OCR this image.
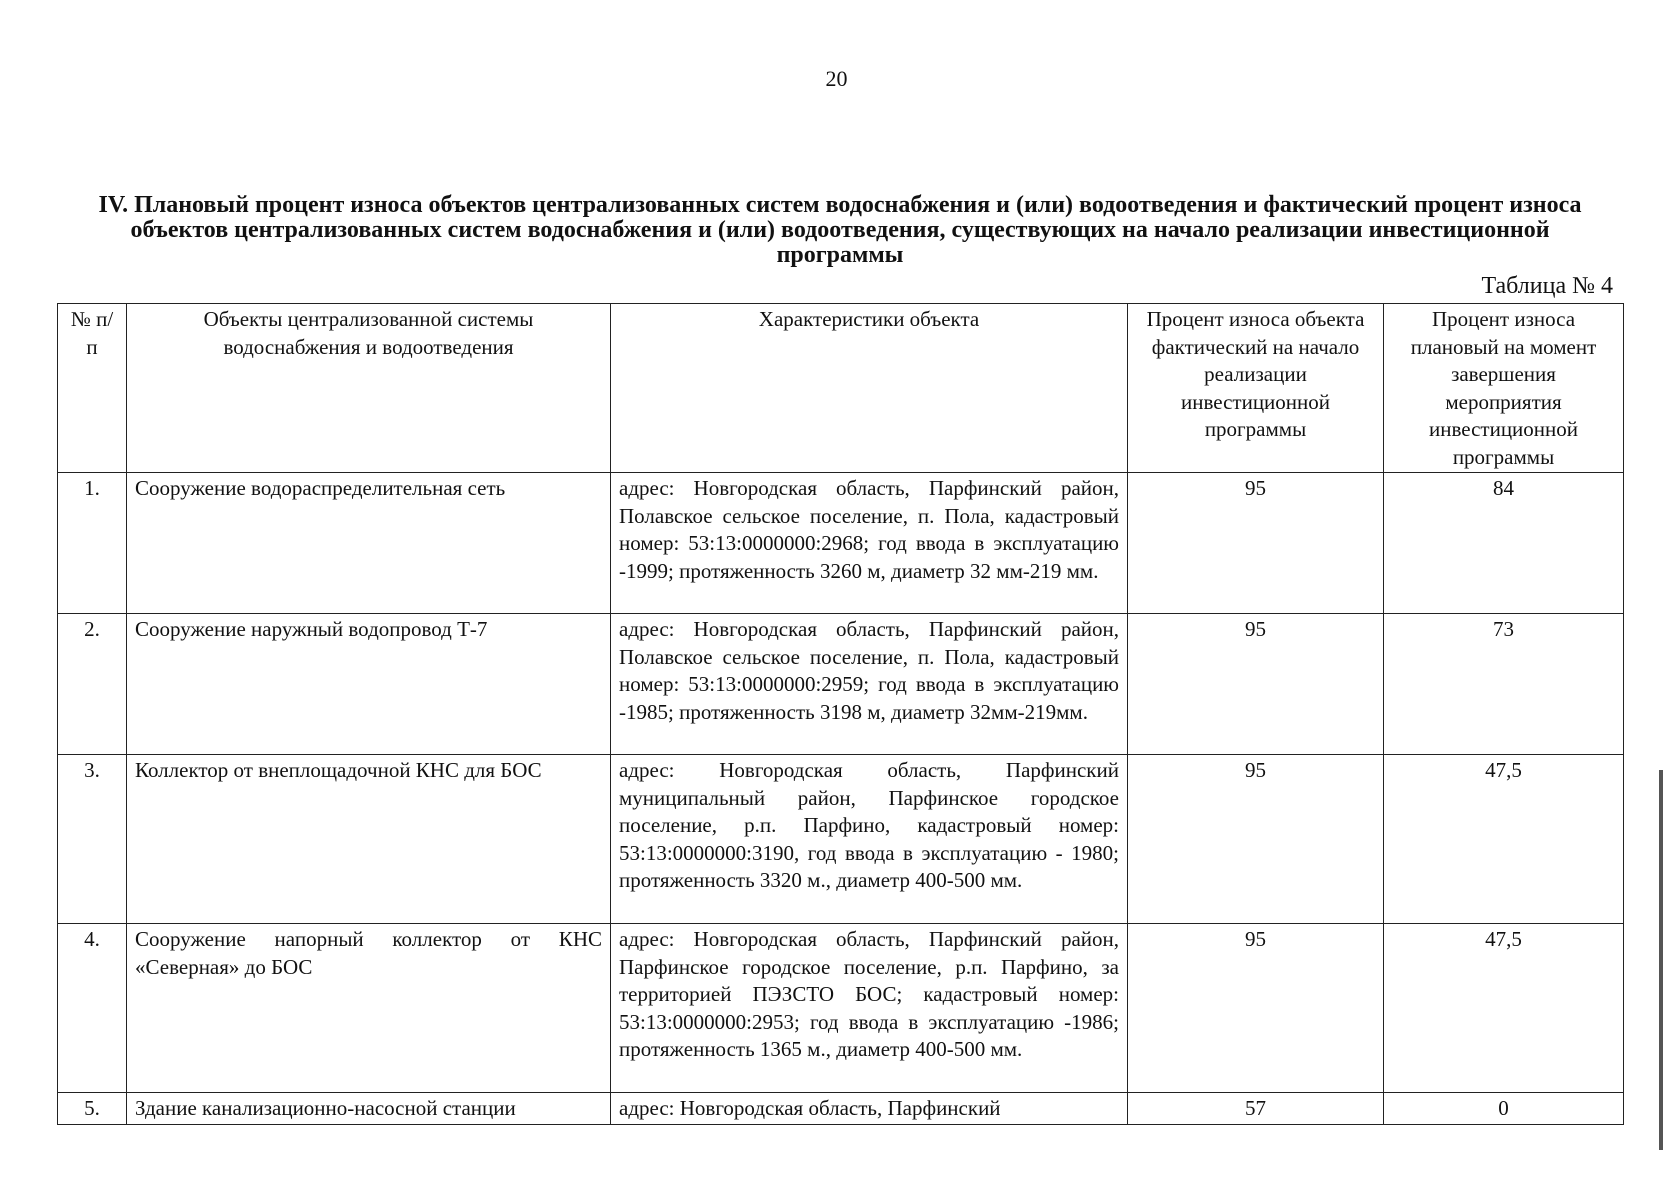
20
IV. Плановый процент износа объектов централизованных систем водоснабжения и (или) водоотведения и фактический процент износа объектов централизованных систем водоснабжения и (или) водоотведения, существующих на начало реализации инвестиционной программы
Таблица № 4
№ п/п	Объекты централизованной системы водоснабжения и водоотведения	Характеристики объекта	Процент износа объекта фактический на начало реализации инвестиционной программы	Процент износа плановый на момент завершения мероприятия инвестиционной программы
1.	Сооружение водораспределительная сеть	адрес: Новгородская область, Парфинский район, Полавское сельское поселение, п. Пола, кадастровый номер: 53:13:0000000:2968; год ввода в эксплуатацию -1999; протяженность 3260 м, диаметр 32 мм-219 мм.	95	84
2.	Сооружение наружный водопровод Т-7	адрес: Новгородская область, Парфинский район, Полавское сельское поселение, п. Пола, кадастровый номер: 53:13:0000000:2959; год ввода в эксплуатацию -1985; протяженность 3198 м, диаметр 32мм-219мм.	95	73
3.	Коллектор от внеплощадочной КНС для БОС	адрес: Новгородская область, Парфинский муниципальный район, Парфинское городское поселение, р.п. Парфино, кадастровый номер: 53:13:0000000:3190, год ввода в эксплуатацию - 1980; протяженность 3320 м., диаметр 400-500 мм.	95	47,5
4.	Сооружение напорный коллектор от КНС «Северная» до БОС	адрес: Новгородская область, Парфинский район, Парфинское городское поселение, р.п. Парфино, за территорией ПЭЗСТО БОС; кадастровый номер: 53:13:0000000:2953; год ввода в эксплуатацию -1986; протяженность 1365 м., диаметр 400-500 мм.	95	47,5
5.	Здание канализационно-насосной станции	адрес: Новгородская область, Парфинский	57	0
